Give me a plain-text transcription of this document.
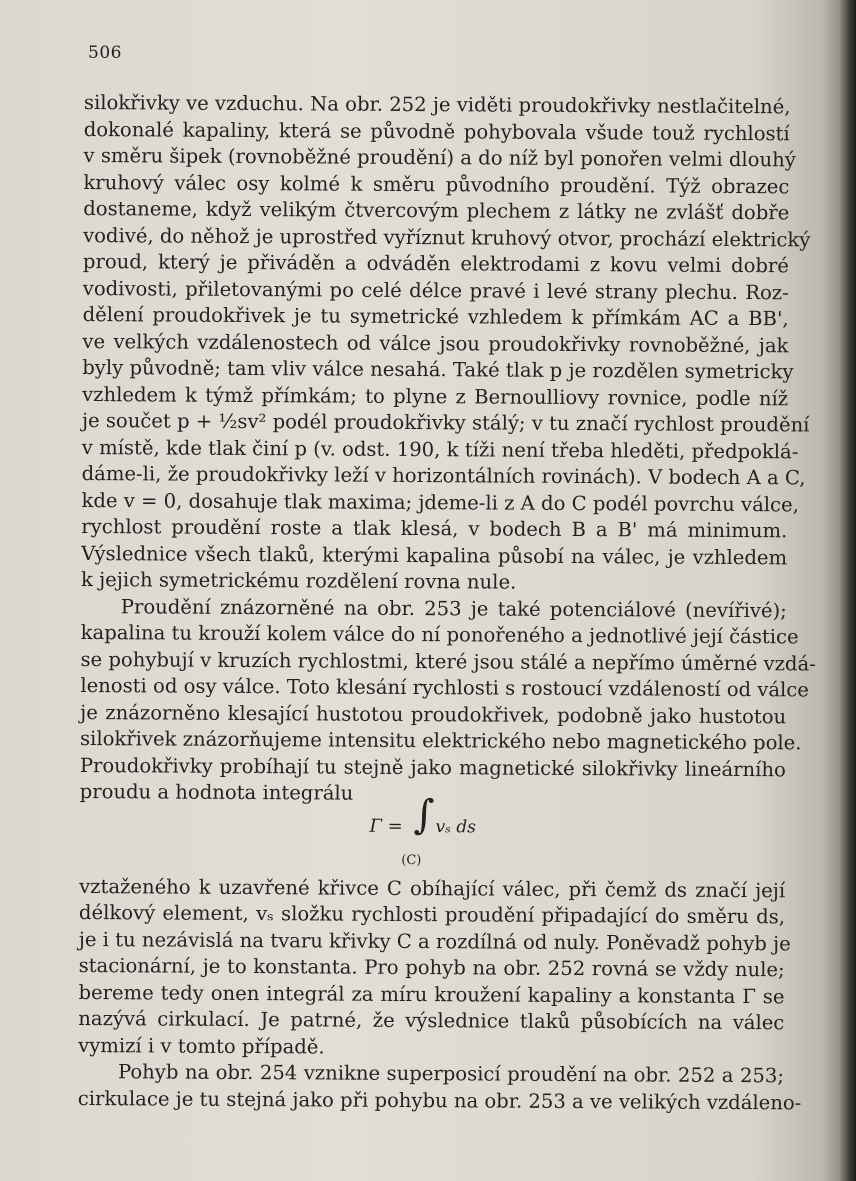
506
silokřivky ve vzduchu. Na obr. 252 je viděti proudokřivky nestlačitelné,
dokonalé kapaliny, která se původně pohybovala všude touž rychlostí
v směru šipek (rovnoběžné proudění) a do níž byl ponořen velmi dlouhý
kruhový válec osy kolmé k směru původního proudění. Týž obrazec
dostaneme, když velikým čtvercovým plechem z látky ne zvlášť dobře
vodivé, do něhož je uprostřed vyříznut kruhový otvor, prochází elektrický
proud, který je přiváděn a odváděn elektrodami z kovu velmi dobré
vodivosti, přiletovanými po celé délce pravé i levé strany plechu. Roz-
dělení proudokřivek je tu symetrické vzhledem k přímkám AC a BB',
ve velkých vzdálenostech od válce jsou proudokřivky rovnoběžné, jak
byly původně; tam vliv válce nesahá. Také tlak p je rozdělen symetricky
vzhledem k týmž přímkám; to plyne z Bernoulliovy rovnice, podle níž
je součet p + ½sv² podél proudokřivky stálý; v tu značí rychlost proudění
v místě, kde tlak činí p (v. odst. 190, k tíži není třeba hleděti, předpoklá-
dáme-li, že proudokřivky leží v horizontálních rovinách). V bodech A a C,
kde v = 0, dosahuje tlak maxima; jdeme-li z A do C podél povrchu válce,
rychlost proudění roste a tlak klesá, v bodech B a B' má minimum.
Výslednice všech tlaků, kterými kapalina působí na válec, je vzhledem
k jejich symetrickému rozdělení rovna nule.
Proudění znázorněné na obr. 253 je také potenciálové (nevířivé);
kapalina tu krouží kolem válce do ní ponořeného a jednotlivé její částice
se pohybují v kruzích rychlostmi, které jsou stálé a nepřímo úměrné vzdá-
lenosti od osy válce. Toto klesání rychlosti s rostoucí vzdáleností od válce
je znázorněno klesající hustotou proudokřivek, podobně jako hustotou
silokřivek znázorňujeme intensitu elektrického nebo magnetického pole.
Proudokřivky probíhají tu stejně jako magnetické silokřivky lineárního
proudu a hodnota integrálu
Γ = ∫ vₛ ds
(C)
vztaženého k uzavřené křivce C obíhající válec, při čemž ds značí její
délkový element, vₛ složku rychlosti proudění připadající do směru ds,
je i tu nezávislá na tvaru křivky C a rozdílná od nuly. Poněvadž pohyb je
stacionární, je to konstanta. Pro pohyb na obr. 252 rovná se vždy nule;
bereme tedy onen integrál za míru kroužení kapaliny a konstanta Γ se
nazývá cirkulací. Je patrné, že výslednice tlaků působících na válec
vymizí i v tomto případě.
Pohyb na obr. 254 vznikne superposicí proudění na obr. 252 a 253;
cirkulace je tu stejná jako při pohybu na obr. 253 a ve velikých vzdáleno-
